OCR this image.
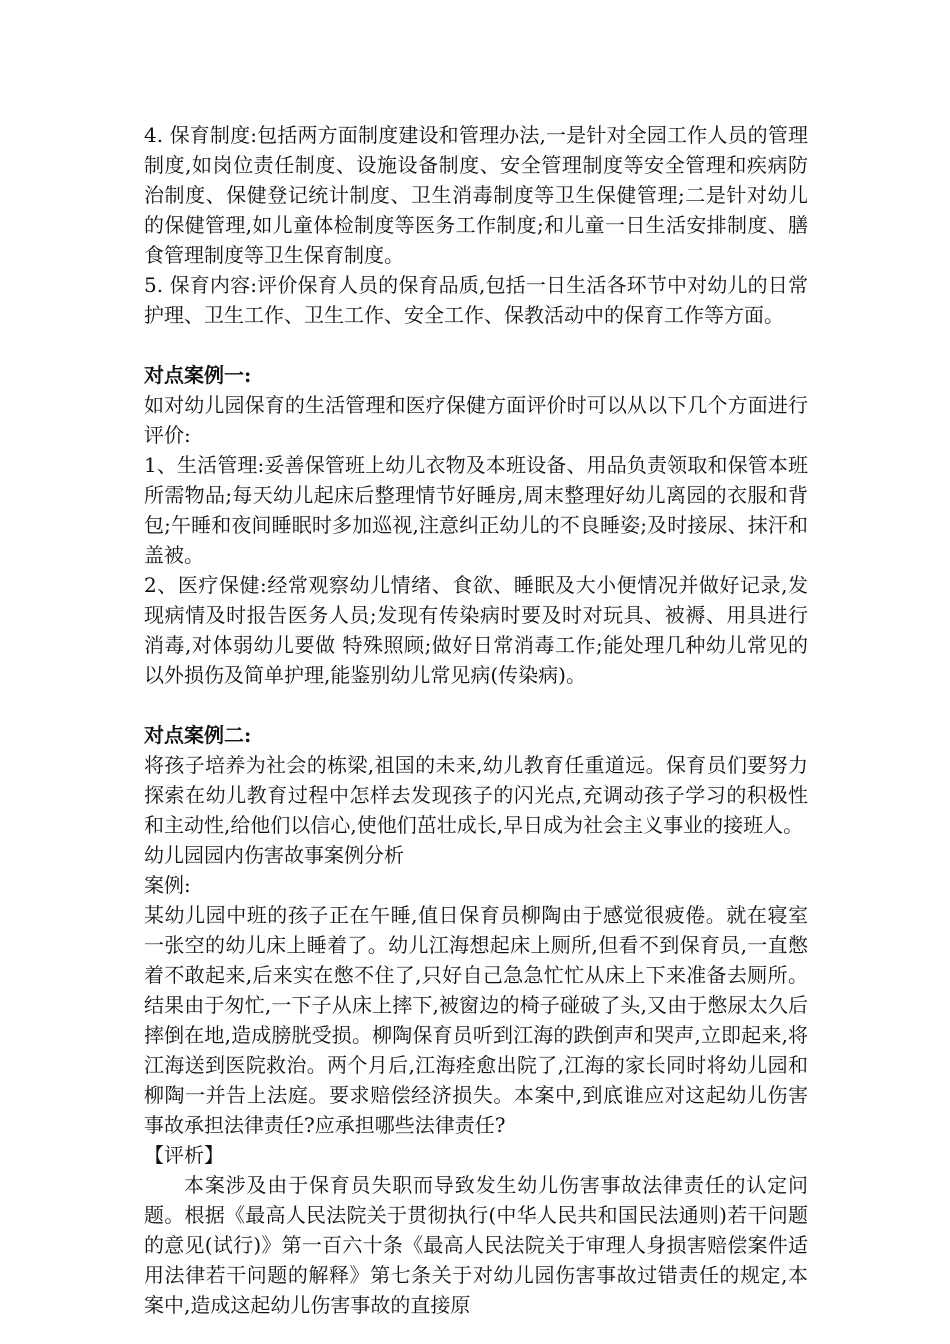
4. 保育制度:包括两方面制度建设和管理办法,一是针对全园工作人员的管理制度,如岗位责任制度、设施设备制度、安全管理制度等安全管理和疾病防治制度、保健登记统计制度、卫生消毒制度等卫生保健管理;二是针对幼儿的保健管理,如儿童体检制度等医务工作制度;和儿童一日生活安排制度、膳食管理制度等卫生保育制度。

5. 保育内容:评价保育人员的保育品质,包括一日生活各环节中对幼儿的日常护理、卫生工作、卫生工作、安全工作、保教活动中的保育工作等方面。

对点案例一:

如对幼儿园保育的生活管理和医疗保健方面评价时可以从以下几个方面进行评价:

1、生活管理:妥善保管班上幼儿衣物及本班设备、用品负责领取和保管本班所需物品;每天幼儿起床后整理情节好睡房,周末整理好幼儿离园的衣服和背包;午睡和夜间睡眠时多加巡视,注意纠正幼儿的不良睡姿;及时接尿、抹汗和盖被。

2、医疗保健:经常观察幼儿情绪、食欲、睡眠及大小便情况并做好记录,发现病情及时报告医务人员;发现有传染病时要及时对玩具、被褥、用具进行消毒,对体弱幼儿要做 特殊照顾;做好日常消毒工作;能处理几种幼儿常见的以外损伤及简单护理,能鉴别幼儿常见病(传染病)。

对点案例二:

将孩子培养为社会的栋梁,祖国的未来,幼儿教育任重道远。保育员们要努力探索在幼儿教育过程中怎样去发现孩子的闪光点,充调动孩子学习的积极性和主动性,给他们以信心,使他们茁壮成长,早日成为社会主义事业的接班人。

幼儿园园内伤害故事案例分析

案例:

某幼儿园中班的孩子正在午睡,值日保育员柳陶由于感觉很疲倦。就在寝室一张空的幼儿床上睡着了。幼儿江海想起床上厕所,但看不到保育员,一直憋着不敢起来,后来实在憋不住了,只好自己急急忙忙从床上下来准备去厕所。结果由于匆忙,一下子从床上摔下,被窗边的椅子碰破了头,又由于憋尿太久后摔倒在地,造成膀胱受损。柳陶保育员听到江海的跌倒声和哭声,立即起来,将江海送到医院救治。两个月后,江海痊愈出院了,江海的家长同时将幼儿园和柳陶一并告上法庭。要求赔偿经济损失。本案中,到底谁应对这起幼儿伤害事故承担法律责任?应承担哪些法律责任?

【评析】

本案涉及由于保育员失职而导致发生幼儿伤害事故法律责任的认定问题。根据《最高人民法院关于贯彻执行(中华人民共和国民法通则)若干问题的意见(试行)》第一百六十条《最高人民法院关于审理人身损害赔偿案件适用法律若干问题的解释》第七条关于对幼儿园伤害事故过错责任的规定,本案中,造成这起幼儿伤害事故的直接原
